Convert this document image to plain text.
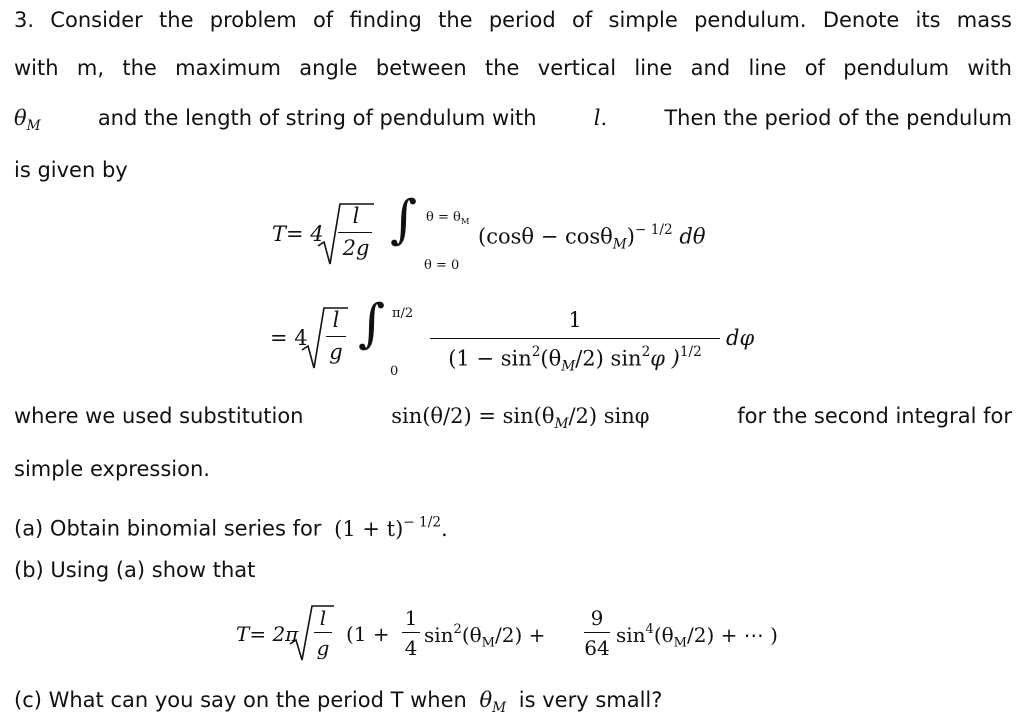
3. Consider the problem of finding the period of simple pendulum. Denote its mass
with m, the maximum angle between the vertical line and line of pendulum with
$\theta_M$	and the length of string of pendulum with	l.	Then the period of the pendulum
is given by
T= 4
l
2g ∫ $\theta = \theta_M$
θ = 0
$(\cos\theta - \cos\theta_M)^{- 1/2}$ dθ
= 4
l
g ∫ π/2
0
1
($1 - \sin^2(\theta_M/2)$ $\sin^2\varphi$ )$^{1/2}$
dφ
where we used substitution	$\sin(\theta/2) = \sin(\theta_M/2)$ sinφ	for the second integral for
simple expression.
(a) Obtain binomial series for $(1 + t)^{- 1/2}$.
(b) Using (a) show that
T= 2π
l
g
(1 +
1
4
$\sin^2(\theta_M/2)$ +
9
64
$\sin^4(\theta_M/2)$ + ⋯ )
(c) What can you say on the period T when $\theta_M$ is very small?
